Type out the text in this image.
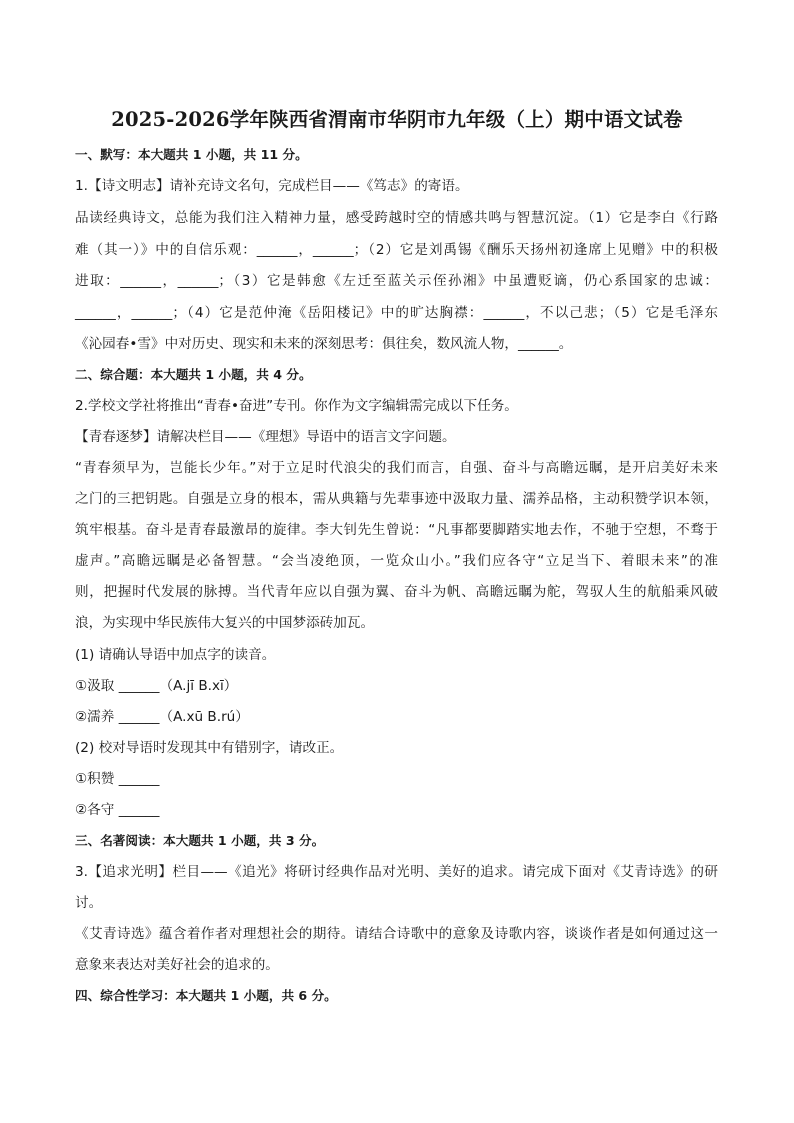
2025-2026学年陕西省渭南市华阴市九年级（上）期中语文试卷
一、默写：本大题共 1 小题，共 11 分。
1.【诗文明志】请补充诗文名句，完成栏目——《笃志》的寄语。
品读经典诗文，总能为我们注入精神力量，感受跨越时空的情感共鸣与智慧沉淀。（1）它是李白《行路
难（其一）》中的自信乐观：______，______；（2）它是刘禹锡《酬乐天扬州初逢席上见赠》中的积极
进取：______，______；（3）它是韩愈《左迁至蓝关示侄孙湘》中虽遭贬谪，仍心系国家的忠诚：
______，______；（4）它是范仲淹《岳阳楼记》中的旷达胸襟：______，不以己悲；（5）它是毛泽东
《沁园春•雪》中对历史、现实和未来的深刻思考：俱往矣，数风流人物，______。
二、综合题：本大题共 1 小题，共 4 分。
2.学校文学社将推出“青春•奋进”专刊。你作为文字编辑需完成以下任务。
【青春逐梦】请解决栏目——《理想》导语中的语言文字问题。
“青春须早为，岂能长少年。”对于立足时代浪尖的我们而言，自强、奋斗与高瞻远瞩，是开启美好未来
之门的三把钥匙。自强是立身的根本，需从典籍与先辈事迹中汲取力量、濡养品格，主动积赞学识本领，
筑牢根基。奋斗是青春最激昂的旋律。李大钊先生曾说：“凡事都要脚踏实地去作，不驰于空想，不骛于
虚声。”高瞻远瞩是必备智慧。“会当凌绝顶，一览众山小。”我们应各守“立足当下、着眼未来”的准
则，把握时代发展的脉搏。当代青年应以自强为翼、奋斗为帆、高瞻远瞩为舵，驾驭人生的航船乘风破
浪，为实现中华民族伟大复兴的中国梦添砖加瓦。
(1) 请确认导语中加点字的读音。
①汲取 ______（A.jī B.xī）
②濡养 ______（A.xū B.rú）
(2) 校对导语时发现其中有错别字，请改正。
①积赞 ______
②各守 ______
三、名著阅读：本大题共 1 小题，共 3 分。
3.【追求光明】栏目——《追光》将研讨经典作品对光明、美好的追求。请完成下面对《艾青诗选》的研
讨。
《艾青诗选》蕴含着作者对理想社会的期待。请结合诗歌中的意象及诗歌内容，谈谈作者是如何通过这一
意象来表达对美好社会的追求的。
四、综合性学习：本大题共 1 小题，共 6 分。
